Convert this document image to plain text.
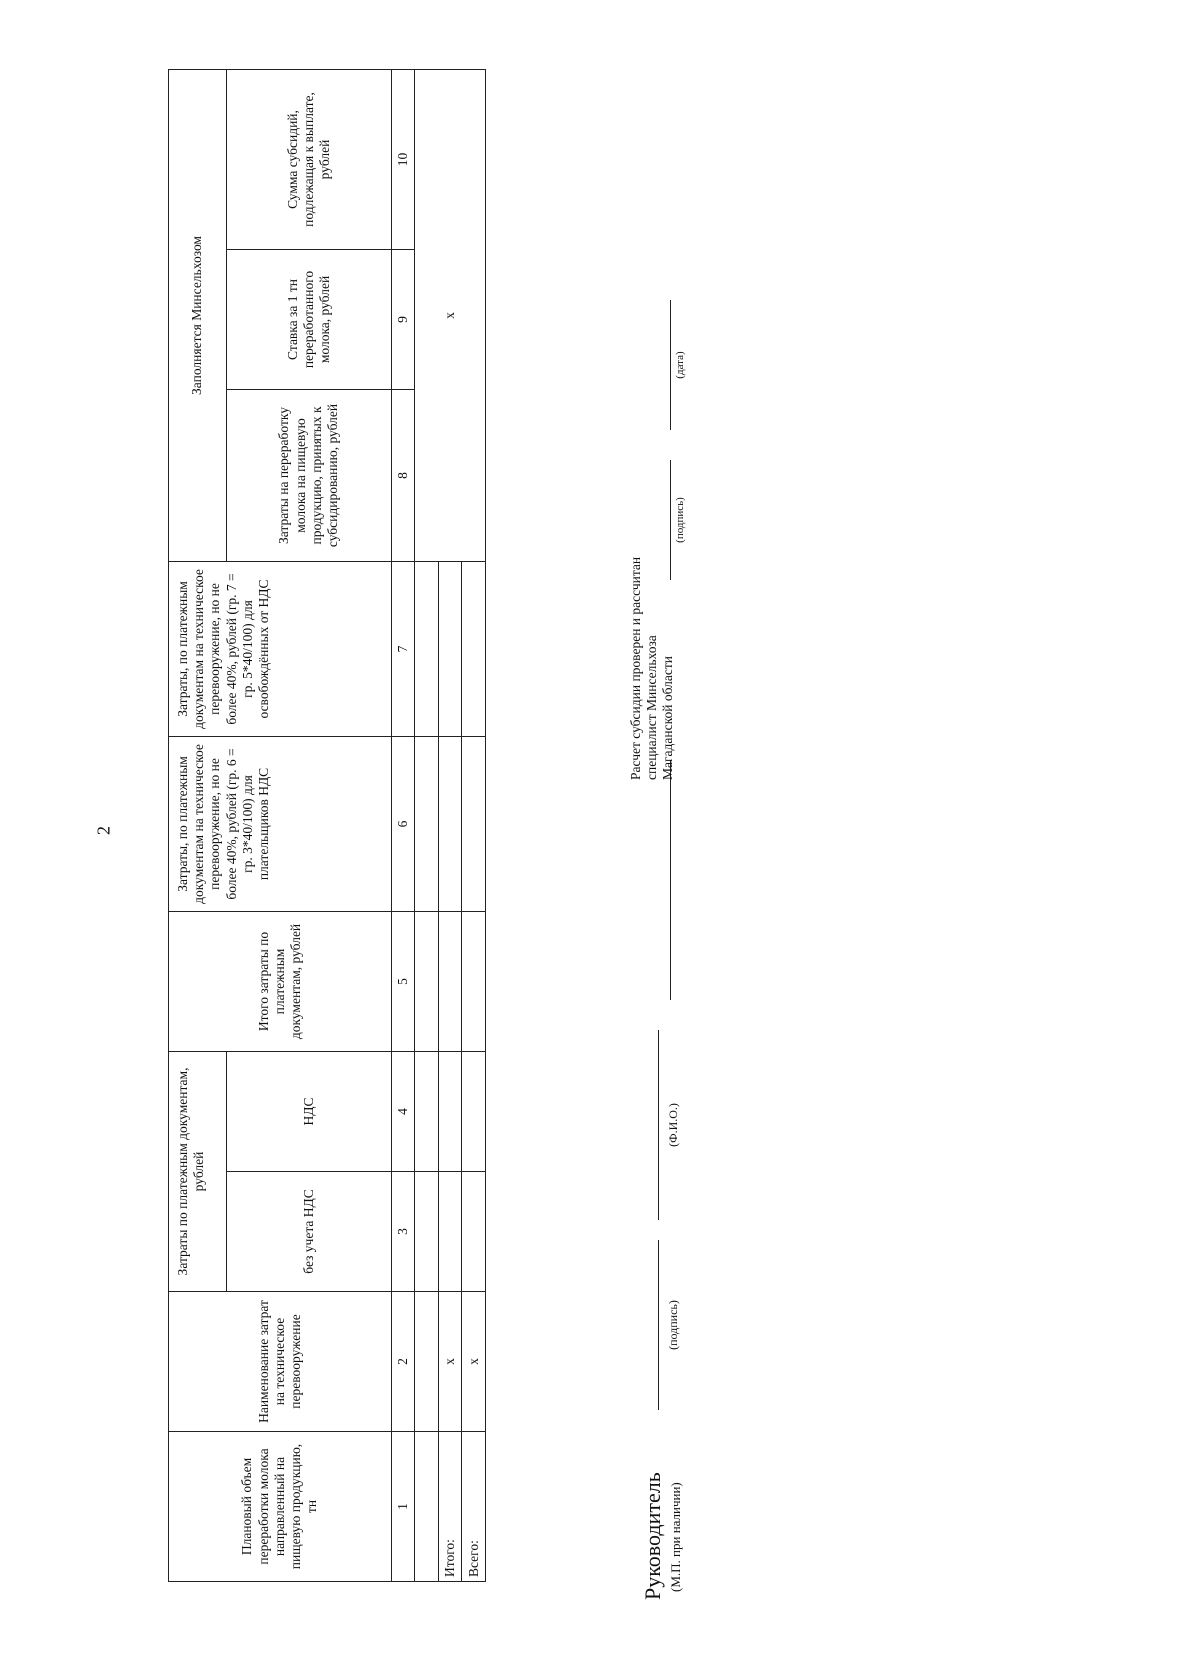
2
Плановый объем переработки молока направленный на пищевую продукцию, тн	Наименование затрат на техническое перевооружение	Затраты по платежным документам, рублей		Итого затраты по платежным документам, рублей	Затраты, по платежным документам на техническое перевооружение, но не более 40%, рублей (гр. 6 = гр. 3*40/100) для плательщиков НДС	Затраты, по платежным документам на техническое перевооружение, но не более 40%, рублей (гр. 7 = гр. 5*40/100) для освобождённых от НДС	Заполняется Минсельхозом		
		без учета НДС	НДС				Затраты на переработку молока на пищевую продукцию, принятых к субсидированию, рублей	Ставка за 1 тн переработанного молока, рублей	Сумма субсидий, подлежащая к выплате, рублей
1	2	3	4	5	6	7	8	9	10
							х		
Итого:	х								
Всего:	х								
Руководитель (М.П. при наличии)
(подпись)
(Ф.И.О.)
Расчет субсидии проверен и рассчитан специалист Минсельхоза Магаданской области
(подпись)
(дата)
